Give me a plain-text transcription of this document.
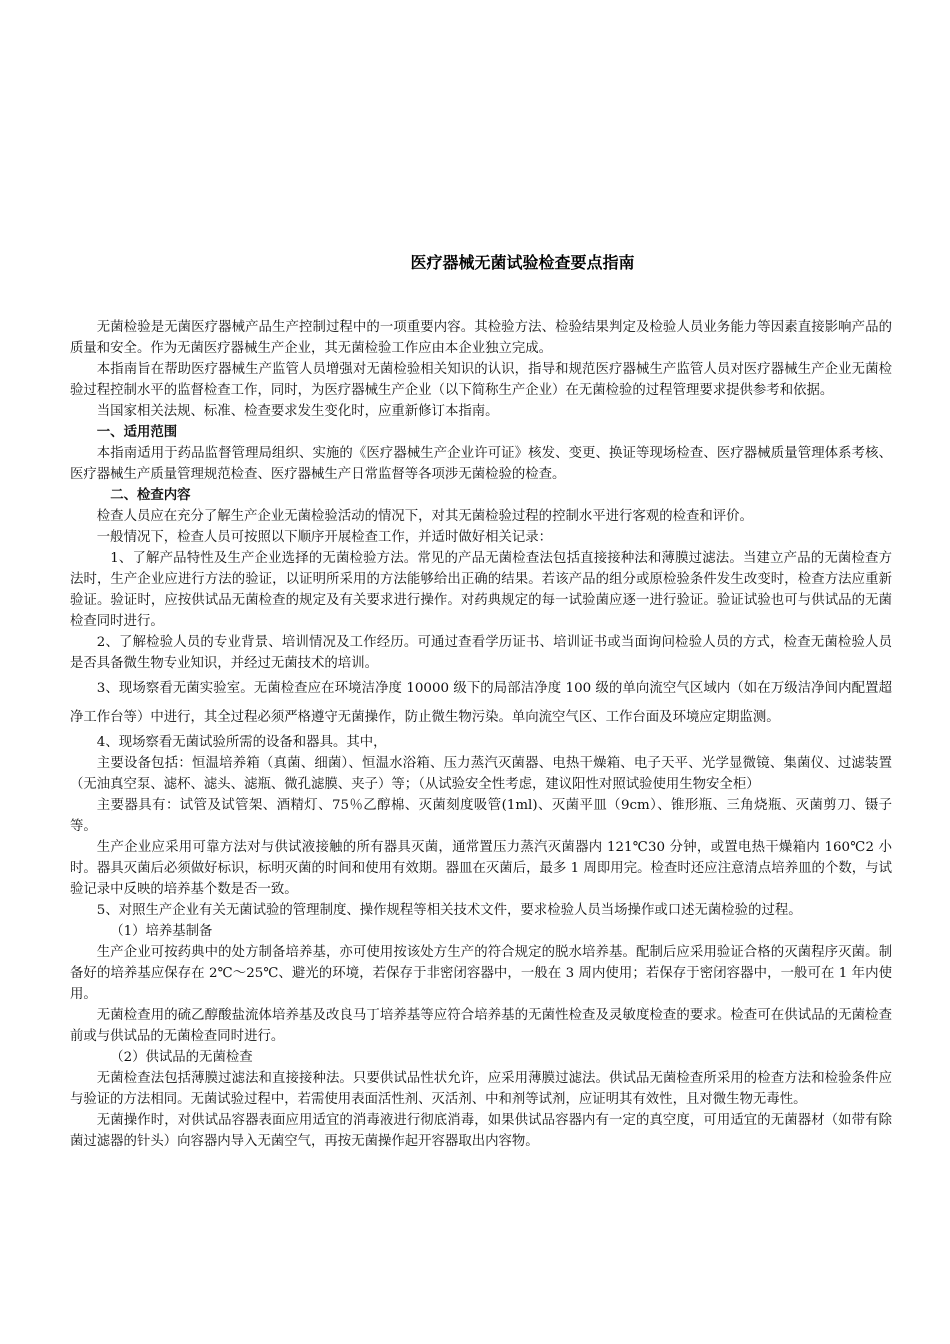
医疗器械无菌试验检查要点指南

无菌检验是无菌医疗器械产品生产控制过程中的一项重要内容。其检验方法、检验结果判定及检验人员业务能力等因素直接影响产品的质量和安全。作为无菌医疗器械生产企业，其无菌检验工作应由本企业独立完成。

本指南旨在帮助医疗器械生产监管人员增强对无菌检验相关知识的认识，指导和规范医疗器械生产监管人员对医疗器械生产企业无菌检验过程控制水平的监督检查工作，同时，为医疗器械生产企业（以下简称生产企业）在无菌检验的过程管理要求提供参考和依据。

当国家相关法规、标准、检查要求发生变化时，应重新修订本指南。

一、适用范围

本指南适用于药品监督管理局组织、实施的《医疗器械生产企业许可证》核发、变更、换证等现场检查、医疗器械质量管理体系考核、医疗器械生产质量管理规范检查、医疗器械生产日常监督等各项涉无菌检验的检查。

二、检查内容

检查人员应在充分了解生产企业无菌检验活动的情况下，对其无菌检验过程的控制水平进行客观的检查和评价。

一般情况下，检查人员可按照以下顺序开展检查工作，并适时做好相关记录：

1、了解产品特性及生产企业选择的无菌检验方法。常见的产品无菌检查法包括直接接种法和薄膜过滤法。当建立产品的无菌检查方法时，生产企业应进行方法的验证，以证明所采用的方法能够给出正确的结果。若该产品的组分或原检验条件发生改变时，检查方法应重新验证。验证时，应按供试品无菌检查的规定及有关要求进行操作。对药典规定的每一试验菌应逐一进行验证。验证试验也可与供试品的无菌检查同时进行。

2、了解检验人员的专业背景、培训情况及工作经历。可通过查看学历证书、培训证书或当面询问检验人员的方式，检查无菌检验人员是否具备微生物专业知识，并经过无菌技术的培训。

3、现场察看无菌实验室。无菌检查应在环境洁净度 10000 级下的局部洁净度 100 级的单向流空气区域内（如在万级洁净间内配置超净工作台等）中进行，其全过程必须严格遵守无菌操作，防止微生物污染。单向流空气区、工作台面及环境应定期监测。

4、现场察看无菌试验所需的设备和器具。其中，

主要设备包括：恒温培养箱（真菌、细菌）、恒温水浴箱、压力蒸汽灭菌器、电热干燥箱、电子天平、光学显微镜、集菌仪、过滤装置（无油真空泵、滤杯、滤头、滤瓶、微孔滤膜、夹子）等；（从试验安全性考虑，建议阳性对照试验使用生物安全柜）

主要器具有：试管及试管架、酒精灯、75％乙醇棉、灭菌刻度吸管(1ml)、灭菌平皿（9cm）、锥形瓶、三角烧瓶、灭菌剪刀、镊子等。

生产企业应采用可靠方法对与供试液接触的所有器具灭菌，通常置压力蒸汽灭菌器内 121℃30 分钟，或置电热干燥箱内 160℃2 小时。器具灭菌后必须做好标识，标明灭菌的时间和使用有效期。器皿在灭菌后，最多 1 周即用完。检查时还应注意清点培养皿的个数，与试验记录中反映的培养基个数是否一致。

5、对照生产企业有关无菌试验的管理制度、操作规程等相关技术文件，要求检验人员当场操作或口述无菌检验的过程。

（1）培养基制备

生产企业可按药典中的处方制备培养基，亦可使用按该处方生产的符合规定的脱水培养基。配制后应采用验证合格的灭菌程序灭菌。制备好的培养基应保存在 2℃～25℃、避光的环境，若保存于非密闭容器中，一般在 3 周内使用；若保存于密闭容器中，一般可在 1 年内使用。

无菌检查用的硫乙醇酸盐流体培养基及改良马丁培养基等应符合培养基的无菌性检查及灵敏度检查的要求。检查可在供试品的无菌检查前或与供试品的无菌检查同时进行。

（2）供试品的无菌检查

无菌检查法包括薄膜过滤法和直接接种法。只要供试品性状允许，应采用薄膜过滤法。供试品无菌检查所采用的检查方法和检验条件应与验证的方法相同。无菌试验过程中，若需使用表面活性剂、灭活剂、中和剂等试剂，应证明其有效性，且对微生物无毒性。

无菌操作时，对供试品容器表面应用适宜的消毒液进行彻底消毒，如果供试品容器内有一定的真空度，可用适宜的无菌器材（如带有除菌过滤器的针头）向容器内导入无菌空气，再按无菌操作起开容器取出内容物。
